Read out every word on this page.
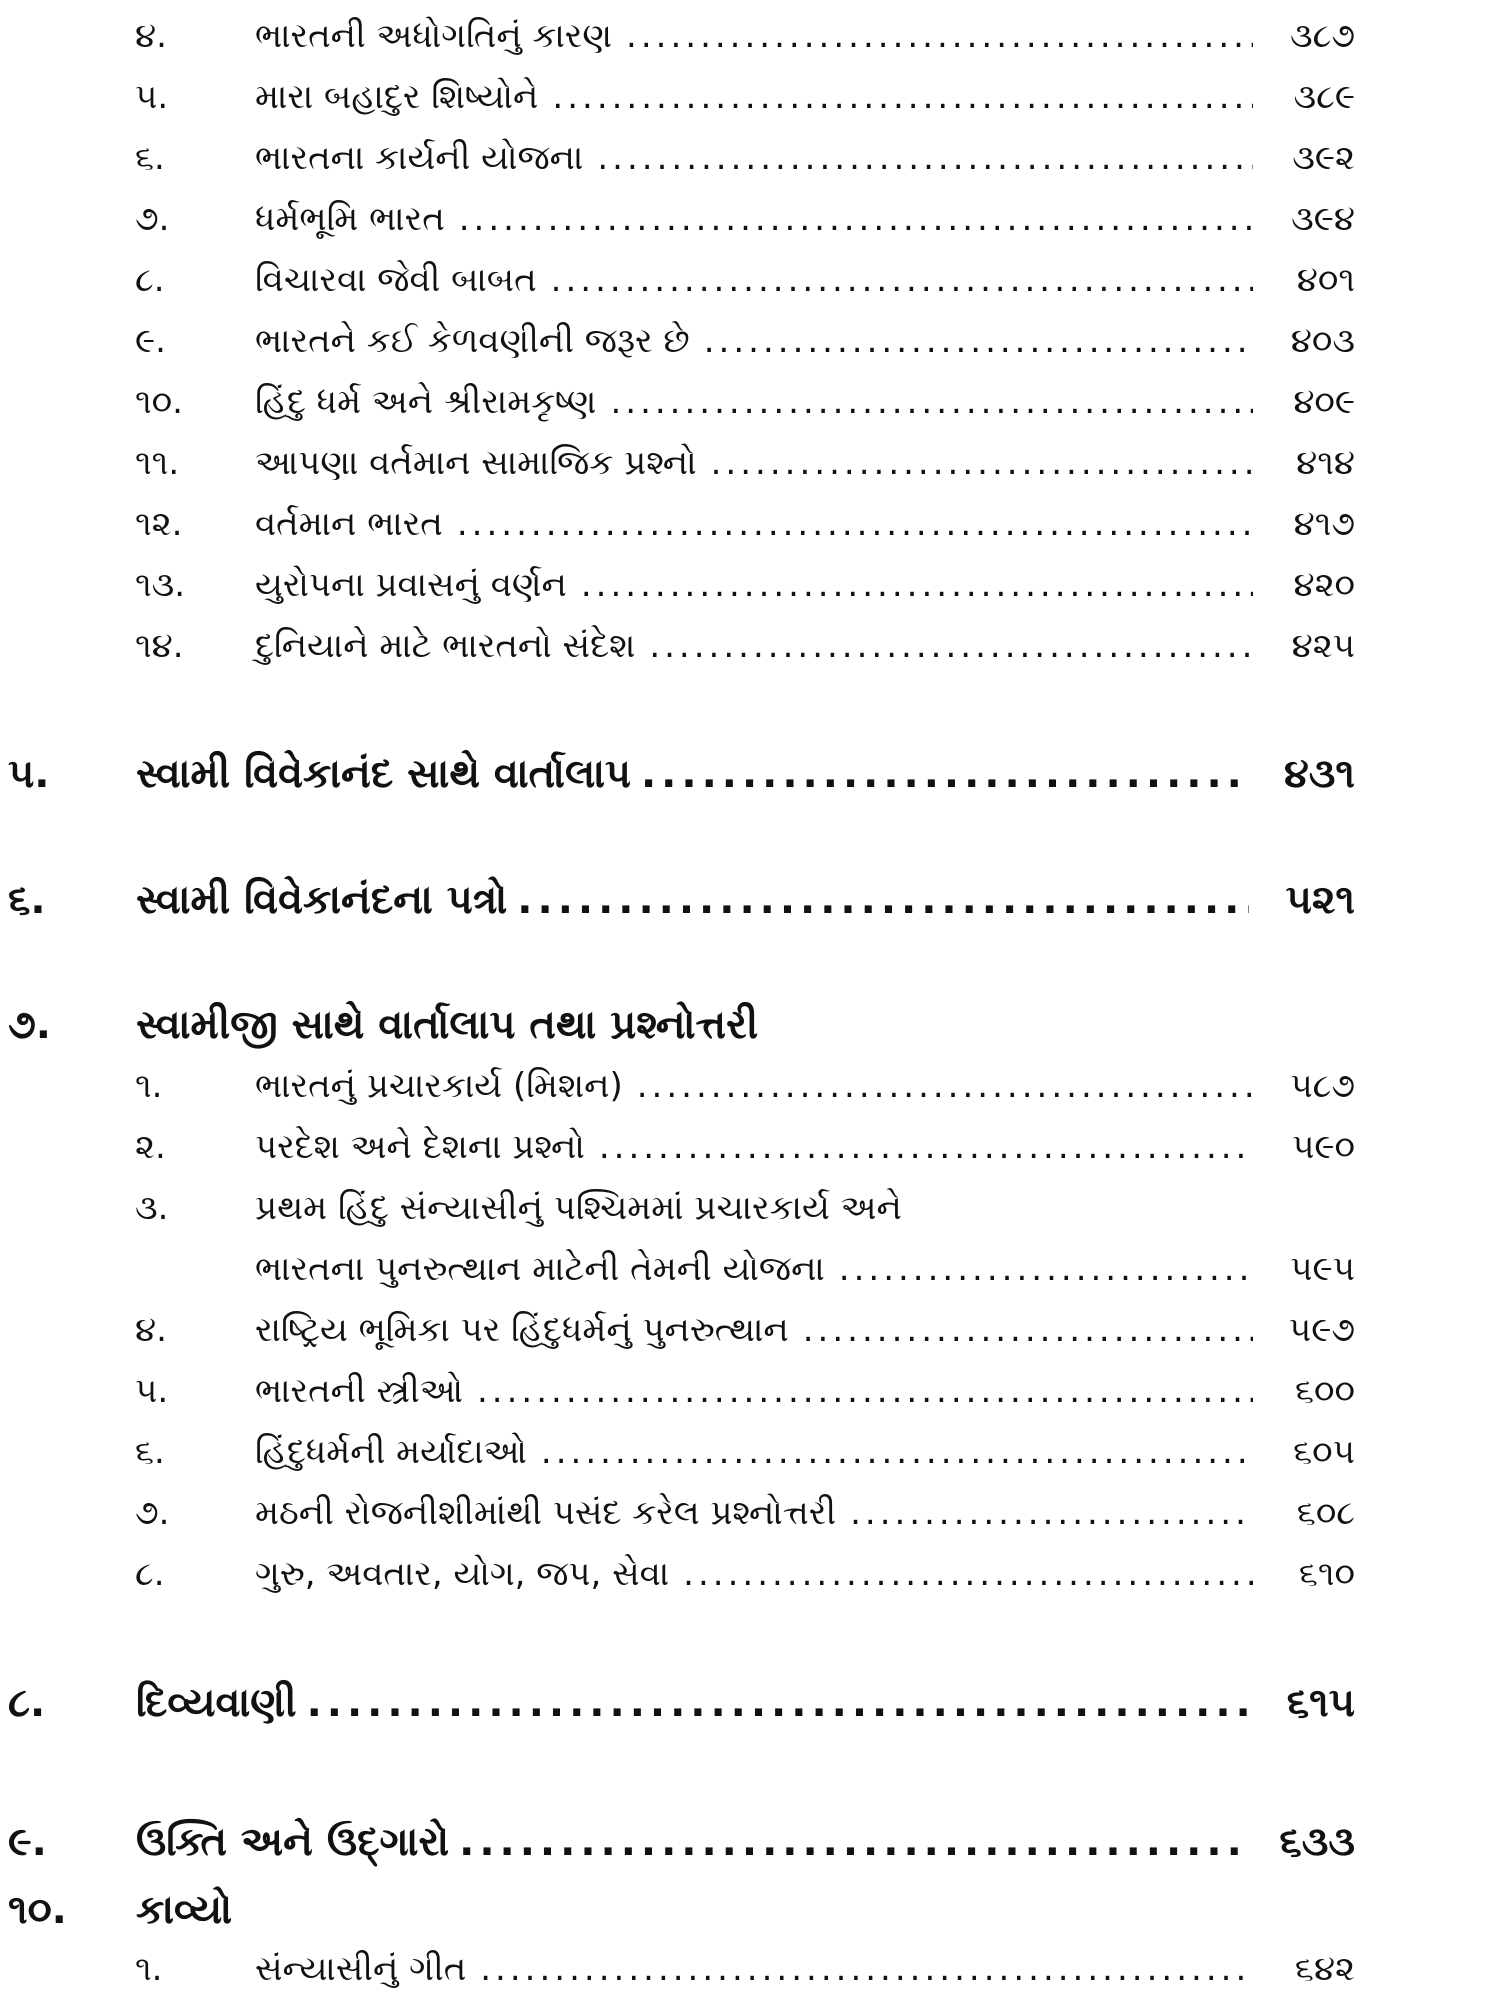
૪.	ભારતની અધોગતિનું કારણ .....	૩૮૭
૫.	મારા બહાદુર શિષ્યોને .....	૩૮૯
૬.	ભારતના કાર્યની યોજના .....	૩૯૨
૭.	ધર્મભૂમિ ભારત .....	૩૯૪
૮.	વિચારવા જેવી બાબત .....	૪૦૧
૯.	ભારતને કઈ કેળવણીની જરૂર છે .....	૪૦૩
૧૦.	હિંદુ ધર્મ અને શ્રીરામકૃષ્ણ .....	૪૦૯
૧૧.	આપણા વર્તમાન સામાજિક પ્રશ્નો .....	૪૧૪
૧૨.	વર્તમાન ભારત .....	૪૧૭
૧૩.	યુરોપના પ્રવાસનું વર્ણન .....	૪૨૦
૧૪.	દુનિયાને માટે ભારતનો સંદેશ .....	૪૨૫
૫.	સ્વામી વિવેકાનંદ સાથે વાર્તાલાપ .....	૪૩૧
૬.	સ્વામી વિવેકાનંદના પત્રો .....	૫૨૧
૭.	સ્વામીજી સાથે વાર્તાલાપ તથા પ્રશ્નોત્તરી
૧.	ભારતનું પ્રચારકાર્ય (મિશન) .....	૫૮૭
૨.	પરદેશ અને દેશના પ્રશ્નો .....	૫૯૦
૩.	પ્રથમ હિંદુ સંન્યાસીનું પશ્ચિમમાં પ્રચારકાર્ય અને
ભારતના પુનરુત્થાન માટેની તેમની યોજના .....	૫૯૫
૪.	રાષ્ટ્રિય ભૂમિકા પર હિંદુધર્મનું પુનરુત્થાન .....	૫૯૭
૫.	ભારતની સ્ત્રીઓ .....	૬૦૦
૬.	હિંદુધર્મની મર્યાદાઓ .....	૬૦૫
૭.	મઠની રોજનીશીમાંથી પસંદ કરેલ પ્રશ્નોત્તરી .....	૬૦૮
૮.	ગુરુ, અવતાર, યોગ, જપ, સેવા .....	૬૧૦
૮.	દિવ્યવાણી .....	૬૧૫
૯.	ઉક્તિ અને ઉદ્‌ગારો .....	૬૩૩
૧૦.	કાવ્યો
૧.	સંન્યાસીનું ગીત .....	૬૪૨
